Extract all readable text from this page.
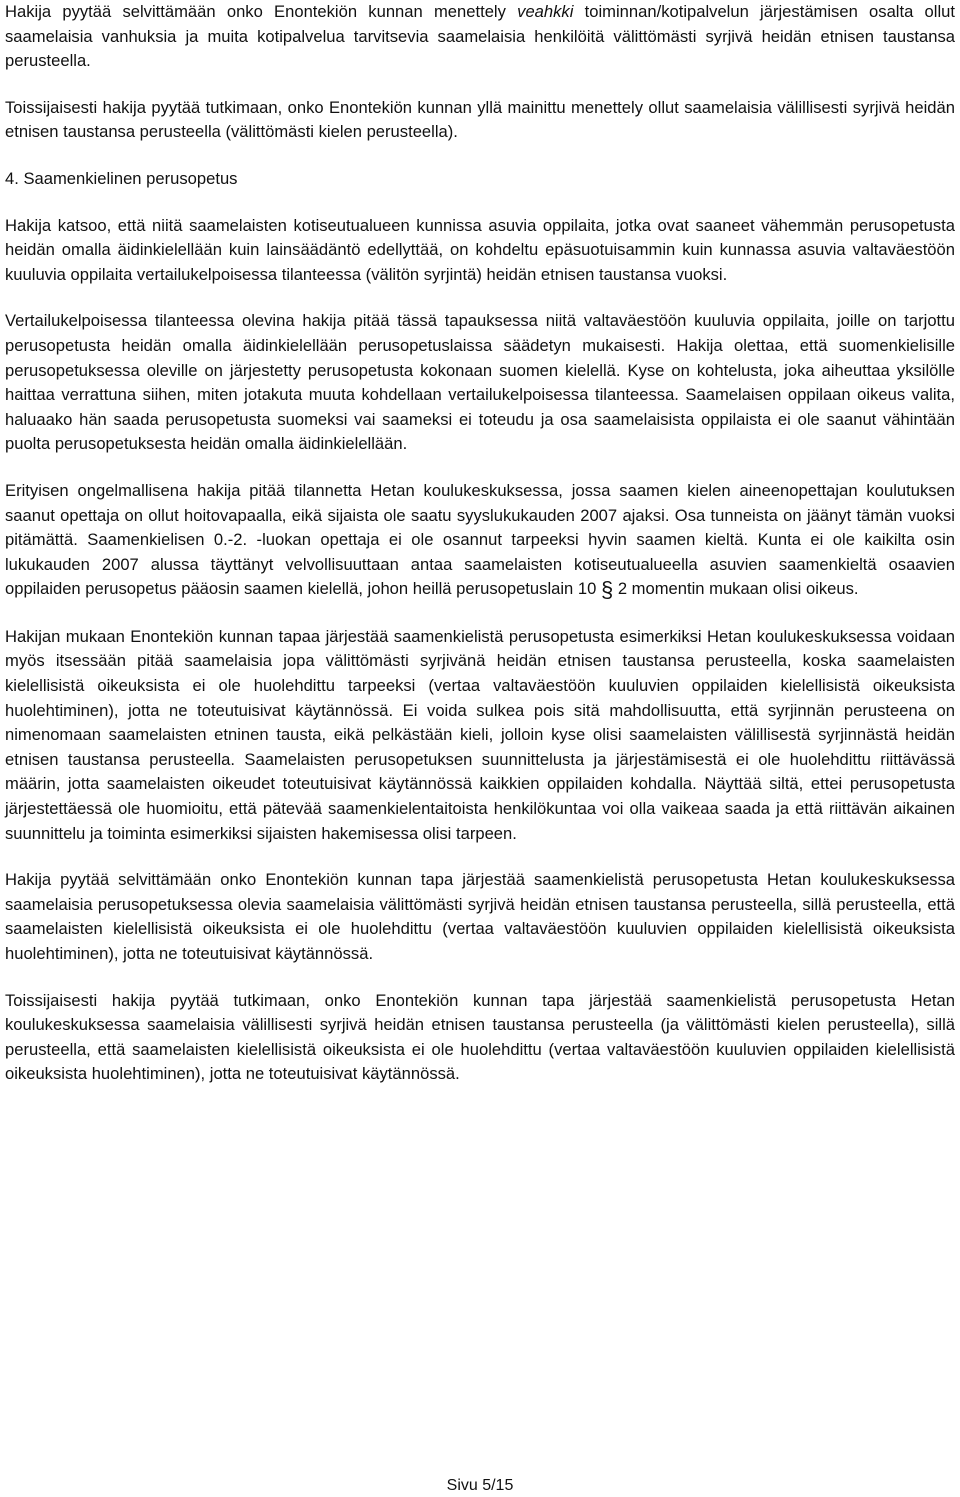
Hakija pyytää selvittämään onko Enontekiön kunnan menettely veahkki toiminnan/kotipalvelun järjestämisen osalta ollut saamelaisia vanhuksia ja muita kotipalvelua tarvitsevia saamelaisia henkilöitä välittömästi syrjivä heidän etnisen taustansa perusteella.

Toissijaisesti hakija pyytää tutkimaan, onko Enontekiön kunnan yllä mainittu menettely ollut saamelaisia välillisesti syrjivä heidän etnisen taustansa perusteella (välittömästi kielen perusteella).

4. Saamenkielinen perusopetus

Hakija katsoo, että niitä saamelaisten kotiseutualueen kunnissa asuvia oppilaita, jotka ovat saaneet vähemmän perusopetusta heidän omalla äidinkielellään kuin lainsäädäntö edellyttää, on kohdeltu epäsuotuisammin kuin kunnassa asuvia valtaväestöön kuuluvia oppilaita vertailukelpoisessa tilanteessa (välitön syrjintä) heidän etnisen taustansa vuoksi.

Vertailukelpoisessa tilanteessa olevina hakija pitää tässä tapauksessa niitä valtaväestöön kuuluvia oppilaita, joille on tarjottu perusopetusta heidän omalla äidinkielellään perusopetuslaissa säädetyn mukaisesti. Hakija olettaa, että suomenkielisille perusopetuksessa oleville on järjestetty perusopetusta kokonaan suomen kielellä. Kyse on kohtelusta, joka aiheuttaa yksilölle haittaa verrattuna siihen, miten jotakuta muuta kohdellaan vertailukelpoisessa tilanteessa. Saamelaisen oppilaan oikeus valita, haluaako hän saada perusopetusta suomeksi vai saameksi ei toteudu ja osa saamelaisista oppilaista ei ole saanut vähintään puolta perusopetuksesta heidän omalla äidinkielellään.

Erityisen ongelmallisena hakija pitää tilannetta Hetan koulukeskuksessa, jossa saamen kielen aineenopettajan koulutuksen saanut opettaja on ollut hoitovapaalla, eikä sijaista ole saatu syyslukukauden 2007 ajaksi. Osa tunneista on jäänyt tämän vuoksi pitämättä. Saamenkielisen 0.-2. -luokan opettaja ei ole osannut tarpeeksi hyvin saamen kieltä. Kunta ei ole kaikilta osin lukukauden 2007 alussa täyttänyt velvollisuuttaan antaa saamelaisten kotiseutualueella asuvien saamenkieltä osaavien oppilaiden perusopetus pääosin saamen kielellä, johon heillä perusopetuslain 10 § 2 momentin mukaan olisi oikeus.

Hakijan mukaan Enontekiön kunnan tapaa järjestää saamenkielistä perusopetusta esimerkiksi Hetan koulukeskuksessa voidaan myös itsessään pitää saamelaisia jopa välittömästi syrjivänä heidän etnisen taustansa perusteella, koska saamelaisten kielellisistä oikeuksista ei ole huolehdittu tarpeeksi (vertaa valtaväestöön kuuluvien oppilaiden kielellisistä oikeuksista huolehtiminen), jotta ne toteutuisivat käytännössä. Ei voida sulkea pois sitä mahdollisuutta, että syrjinnän perusteena on nimenomaan saamelaisten etninen tausta, eikä pelkästään kieli, jolloin kyse olisi saamelaisten välillisestä syrjinnästä heidän etnisen taustansa perusteella. Saamelaisten perusopetuksen suunnittelusta ja järjestämisestä ei ole huolehdittu riittävässä määrin, jotta saamelaisten oikeudet toteutuisivat käytännössä kaikkien oppilaiden kohdalla. Näyttää siltä, ettei perusopetusta järjestettäessä ole huomioitu, että pätevää saamenkielentaitoista henkilökuntaa voi olla vaikeaa saada ja että riittävän aikainen suunnittelu ja toiminta esimerkiksi sijaisten hakemisessa olisi tarpeen.

Hakija pyytää selvittämään onko Enontekiön kunnan tapa järjestää saamenkielistä perusopetusta Hetan koulukeskuksessa saamelaisia perusopetuksessa olevia saamelaisia välittömästi syrjivä heidän etnisen taustansa perusteella, sillä perusteella, että saamelaisten kielellisistä oikeuksista ei ole huolehdittu (vertaa valtaväestöön kuuluvien oppilaiden kielellisistä oikeuksista huolehtiminen), jotta ne toteutuisivat käytännössä.

Toissijaisesti hakija pyytää tutkimaan, onko Enontekiön kunnan tapa järjestää saamenkielistä perusopetusta Hetan koulukeskuksessa saamelaisia välillisesti syrjivä heidän etnisen taustansa perusteella (ja välittömästi kielen perusteella), sillä perusteella, että saamelaisten kielellisistä oikeuksista ei ole huolehdittu (vertaa valtaväestöön kuuluvien oppilaiden kielellisistä oikeuksista huolehtiminen), jotta ne toteutuisivat käytännössä.

Sivu 5/15
